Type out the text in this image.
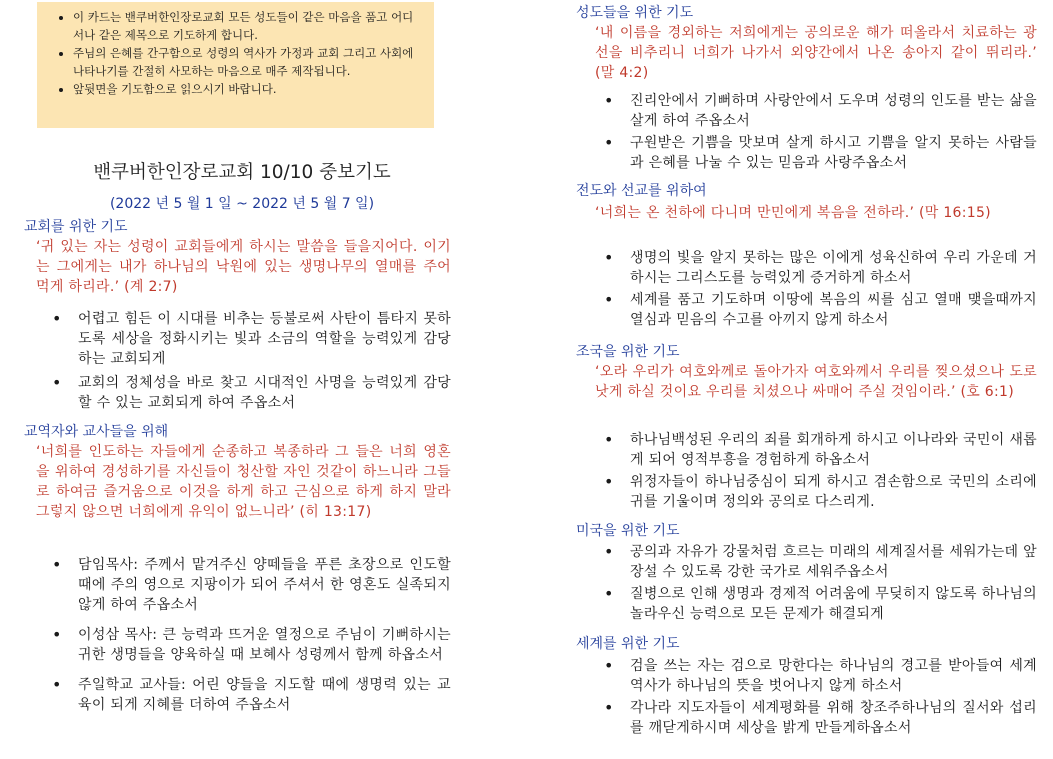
• 이 카드는 밴쿠버한인장로교회 모든 성도들이 같은 마음을 품고 어디서나 같은 제목으로 기도하게 합니다.
• 주님의 은혜를 간구함으로 성령의 역사가 가정과 교회 그리고 사회에 나타나기를 간절히 사모하는 마음으로 매주 제작됩니다.
• 앞뒷면을 기도함으로 읽으시기 바랍니다.
밴쿠버한인장로교회 10/10 중보기도
(2022 년 5 월 1 일 ~ 2022 년 5 월 7 일)
교회를 위한 기도
‘귀 있는 자는 성령이 교회들에게 하시는 말씀을 들을지어다. 이기는 그에게는 내가 하나님의 낙원에 있는 생명나무의 열매를 주어 먹게 하리라.’ (계 2:7)
• 어렵고 힘든 이 시대를 비추는 등불로써 사탄이 틈타지 못하도록 세상을 정화시키는 빛과 소금의 역할을 능력있게 감당하는 교회되게
• 교회의 정체성을 바로 찾고 시대적인 사명을 능력있게 감당할 수 있는 교회되게 하여 주옵소서
교역자와 교사들을 위해
‘너희를 인도하는 자들에게 순종하고 복종하라 그 들은 너희 영혼을 위하여 경성하기를 자신들이 청산할 자인 것같이 하느니라 그들로 하여금 즐거움으로 이것을 하게 하고 근심으로 하게 하지 말라 그렇지 않으면 너희에게 유익이 없느니라’ (히 13:17)
• 담임목사: 주께서 맡겨주신 양떼들을 푸른 초장으로 인도할 때에 주의 영으로 지팡이가 되어 주셔서 한 영혼도 실족되지 않게 하여 주옵소서
• 이성삼 목사: 큰 능력과 뜨거운 열정으로 주님이 기뻐하시는 귀한 생명들을 양육하실 때 보혜사 성령께서 함께 하옵소서
• 주일학교 교사들: 어린 양들을 지도할 때에 생명력 있는 교육이 되게 지혜를 더하여 주옵소서
성도들을 위한 기도
‘내 이름을 경외하는 저희에게는 공의로운 해가 떠올라서 치료하는 광선을 비추리니 너희가 나가서 외양간에서 나온 송아지 같이 뛰리라.’ (말 4:2)
• 진리안에서 기뻐하며 사랑안에서 도우며 성령의 인도를 받는 삶을 살게 하여 주옵소서
• 구원받은 기쁨을 맛보며 살게 하시고 기쁨을 알지 못하는 사람들과 은혜를 나눌 수 있는 믿음과 사랑주옵소서
전도와 선교를 위하여
‘너희는 온 천하에 다니며 만민에게 복음을 전하라.’ (막 16:15)
• 생명의 빛을 알지 못하는 많은 이에게 성육신하여 우리 가운데 거하시는 그리스도를 능력있게 증거하게 하소서
• 세계를 품고 기도하며 이땅에 복음의 씨를 심고 열매 맺을때까지 열심과 믿음의 수고를 아끼지 않게 하소서
조국을 위한 기도
‘오라 우리가 여호와께로 돌아가자 여호와께서 우리를 찢으셨으나 도로 낫게 하실 것이요 우리를 치셨으나 싸매어 주실 것임이라.’ (호 6:1)
• 하나님백성된 우리의 죄를 회개하게 하시고 이나라와 국민이 새롭게 되어 영적부흥을 경험하게 하옵소서
• 위정자들이 하나님중심이 되게 하시고 겸손함으로 국민의 소리에 귀를 기울이며 정의와 공의로 다스리게.
미국을 위한 기도
• 공의과 자유가 강물처럼 흐르는 미래의 세계질서를 세워가는데 앞장설 수 있도록 강한 국가로 세워주옵소서
• 질병으로 인해 생명과 경제적 어려움에 무딪히지 않도록 하나님의 놀라우신 능력으로 모든 문제가 해결되게
세계를 위한 기도
• 검을 쓰는 자는 검으로 망한다는 하나님의 경고를 받아들여 세계역사가 하나님의 뜻을 벗어나지 않게 하소서
• 각나라 지도자들이 세계평화를 위해 창조주하나님의 질서와 섭리를 깨닫게하시며 세상을 밝게 만들게하옵소서
